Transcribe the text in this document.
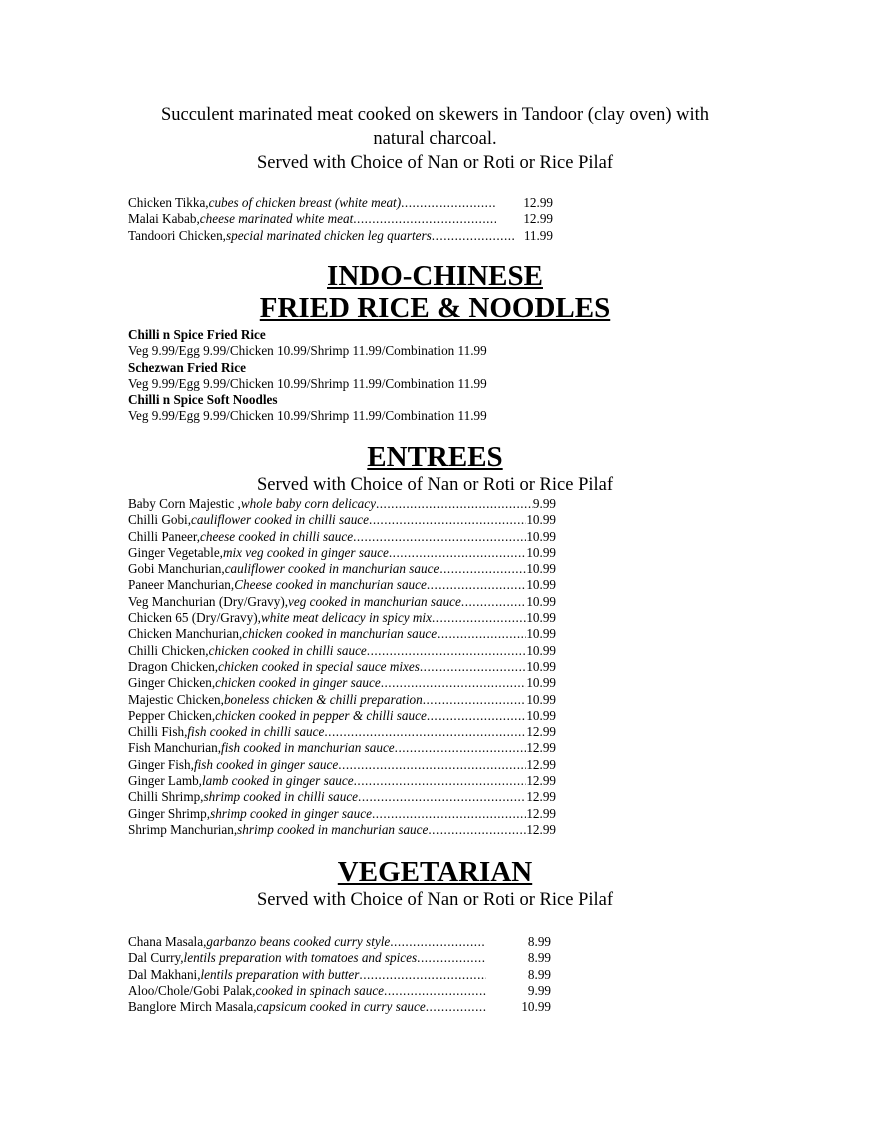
Succulent marinated meat cooked on skewers in Tandoor (clay oven) with
natural charcoal.
Served with Choice of Nan or Roti or Rice Pilaf
Chicken Tikka, cubes of chicken breast (white meat) .....	12.99
Malai Kabab, cheese marinated white meat .....	12.99
Tandoori Chicken, special marinated chicken leg quarters .....	11.99
INDO-CHINESE
FRIED RICE & NOODLES
Chilli n Spice Fried Rice
Veg 9.99/Egg 9.99/Chicken 10.99/Shrimp 11.99/Combination 11.99
Schezwan Fried Rice
Veg 9.99/Egg 9.99/Chicken 10.99/Shrimp 11.99/Combination 11.99
Chilli n Spice Soft Noodles
Veg 9.99/Egg 9.99/Chicken 10.99/Shrimp 11.99/Combination 11.99
ENTREES
Served with Choice of Nan or Roti or Rice Pilaf
Baby Corn Majestic , whole baby corn delicacy .....	9.99
Chilli Gobi, cauliflower cooked in chilli sauce .....	10.99
Chilli Paneer, cheese cooked in chilli sauce .....	10.99
Ginger Vegetable, mix veg cooked in ginger sauce .....	10.99
Gobi Manchurian, cauliflower cooked in manchurian sauce .....	10.99
Paneer Manchurian, Cheese cooked in manchurian sauce .....	10.99
Veg Manchurian (Dry/Gravy), veg cooked in manchurian sauce .....	10.99
Chicken 65 (Dry/Gravy), white meat delicacy in spicy mix .....	10.99
Chicken Manchurian, chicken cooked in manchurian sauce .....	10.99
Chilli Chicken, chicken cooked in chilli sauce .....	10.99
Dragon Chicken, chicken cooked in special sauce mixes .....	10.99
Ginger Chicken, chicken cooked in ginger sauce .....	10.99
Majestic Chicken, boneless chicken & chilli preparation .....	10.99
Pepper Chicken, chicken cooked in pepper & chilli sauce .....	10.99
Chilli Fish, fish cooked in chilli sauce .....	12.99
Fish Manchurian, fish cooked in manchurian sauce .....	12.99
Ginger Fish, fish cooked in ginger sauce .....	12.99
Ginger Lamb, lamb cooked in ginger sauce .....	12.99
Chilli Shrimp, shrimp cooked in chilli sauce .....	12.99
Ginger Shrimp, shrimp cooked in ginger sauce .....	12.99
Shrimp Manchurian, shrimp cooked in manchurian sauce .....	12.99
VEGETARIAN
Served with Choice of Nan or Roti or Rice Pilaf
Chana Masala, garbanzo beans cooked curry style .....	8.99
Dal Curry, lentils preparation with tomatoes and spices .....	8.99
Dal Makhani, lentils preparation with butter .....	8.99
Aloo/Chole/Gobi Palak, cooked in spinach sauce .....	9.99
Banglore Mirch Masala, capsicum cooked in curry sauce .....	10.99
